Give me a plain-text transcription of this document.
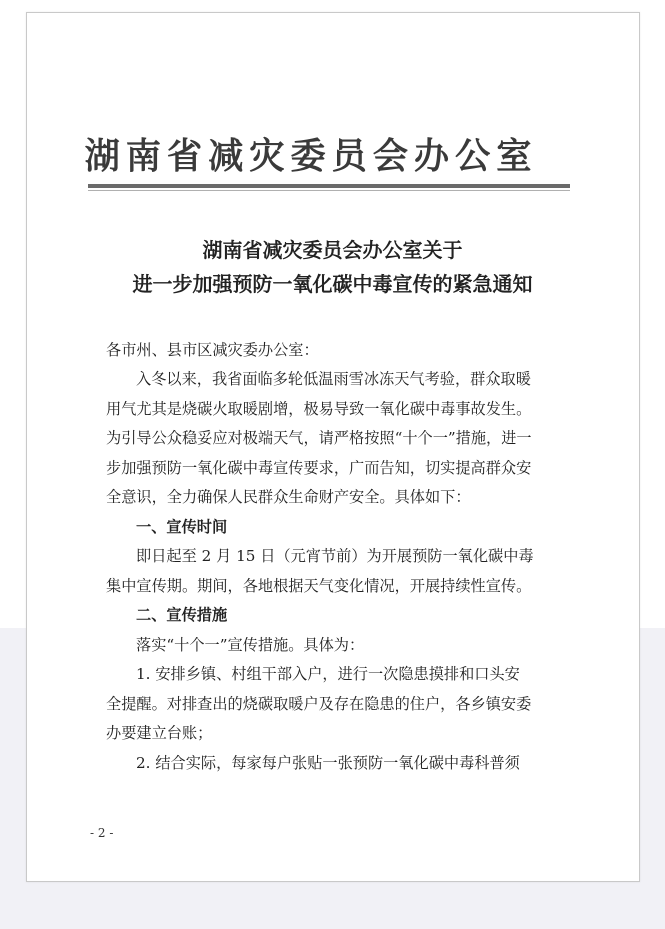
湖南省减灾委员会办公室
湖南省减灾委员会办公室关于
进一步加强预防一氧化碳中毒宣传的紧急通知
各市州、县市区减灾委办公室：
入冬以来，我省面临多轮低温雨雪冰冻天气考验，群众取暖
用气尤其是烧碳火取暖剧增，极易导致一氧化碳中毒事故发生。
为引导公众稳妥应对极端天气，请严格按照“十个一”措施，进一
步加强预防一氧化碳中毒宣传要求，广而告知，切实提高群众安
全意识，全力确保人民群众生命财产安全。具体如下：
一、宣传时间
即日起至 2 月 15 日（元宵节前）为开展预防一氧化碳中毒
集中宣传期。期间，各地根据天气变化情况，开展持续性宣传。
二、宣传措施
落实“十个一”宣传措施。具体为：
1. 安排乡镇、村组干部入户，进行一次隐患摸排和口头安
全提醒。对排查出的烧碳取暖户及存在隐患的住户，各乡镇安委
办要建立台账；
2. 结合实际，每家每户张贴一张预防一氧化碳中毒科普须
- 2 -
